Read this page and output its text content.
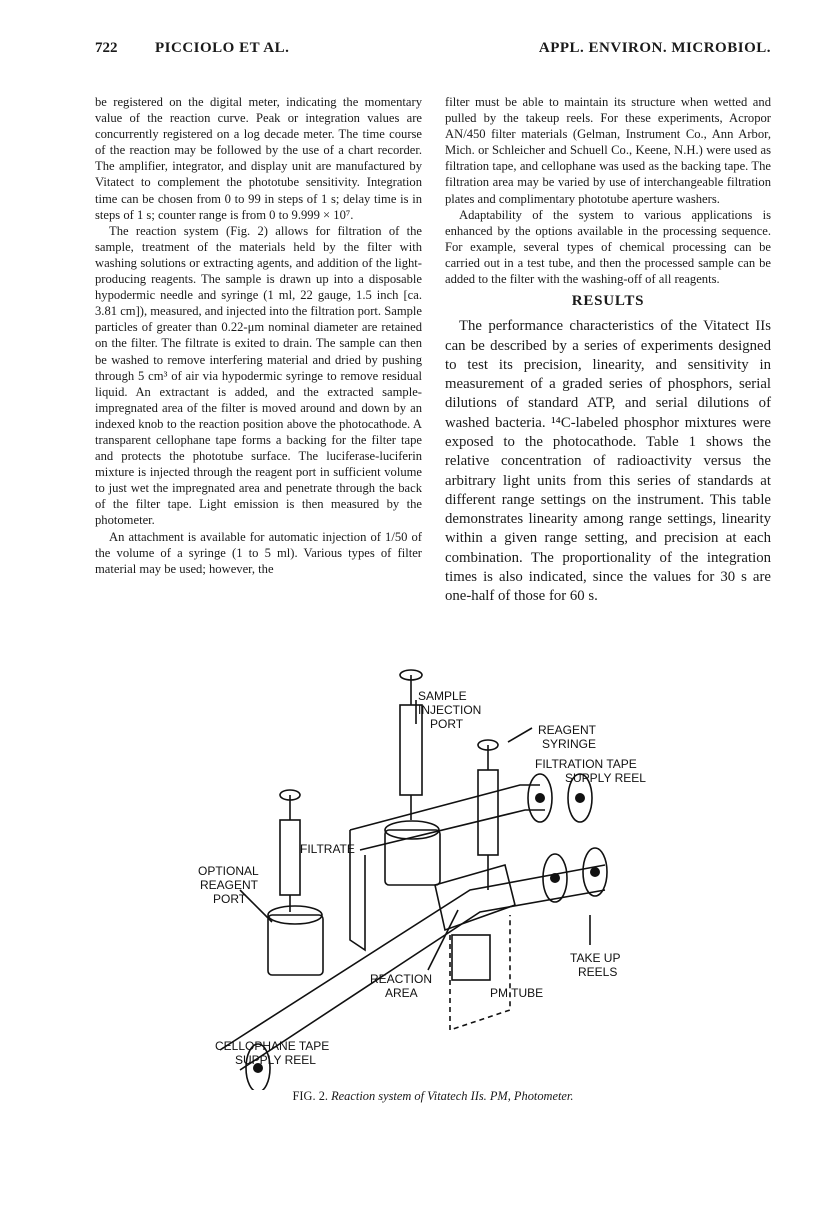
722	PICCIOLO ET AL.	APPL. ENVIRON. MICROBIOL.

be registered on the digital meter, indicating the momentary value of the reaction curve. Peak or integration values are concurrently registered on a log decade meter. The time course of the reaction may be followed by the use of a chart recorder. The amplifier, integrator, and display unit are manufactured by Vitatect to complement the phototube sensitivity. Integration time can be chosen from 0 to 99 in steps of 1 s; delay time is in steps of 1 s; counter range is from 0 to 9.999 × 10⁷.

The reaction system (Fig. 2) allows for filtration of the sample, treatment of the materials held by the filter with washing solutions or extracting agents, and addition of the light-producing reagents. The sample is drawn up into a disposable hypodermic needle and syringe (1 ml, 22 gauge, 1.5 inch [ca. 3.81 cm]), measured, and injected into the filtration port. Sample particles of greater than 0.22-μm nominal diameter are retained on the filter. The filtrate is exited to drain. The sample can then be washed to remove interfering material and dried by pushing through 5 cm³ of air via hypodermic syringe to remove residual liquid. An extractant is added, and the extracted sample-impregnated area of the filter is moved around and down by an indexed knob to the reaction position above the photocathode. A transparent cellophane tape forms a backing for the filter tape and protects the phototube surface. The luciferase-luciferin mixture is injected through the reagent port in sufficient volume to just wet the impregnated area and penetrate through the back of the filter tape. Light emission is then measured by the photometer.

An attachment is available for automatic injection of 1/50 of the volume of a syringe (1 to 5 ml). Various types of filter material may be used; however, the

filter must be able to maintain its structure when wetted and pulled by the takeup reels. For these experiments, Acropor AN/450 filter materials (Gelman, Instrument Co., Ann Arbor, Mich. or Schleicher and Schuell Co., Keene, N.H.) were used as filtration tape, and cellophane was used as the backing tape. The filtration area may be varied by use of interchangeable filtration plates and complimentary phototube aperture washers.

Adaptability of the system to various applications is enhanced by the options available in the processing sequence. For example, several types of chemical processing can be carried out in a test tube, and then the processed sample can be added to the filter with the washing-off of all reagents.

RESULTS

The performance characteristics of the Vitatect IIs can be described by a series of experiments designed to test its precision, linearity, and sensitivity in measurement of a graded series of phosphors, serial dilutions of standard ATP, and serial dilutions of washed bacteria. ¹⁴C-labeled phosphor mixtures were exposed to the photocathode. Table 1 shows the relative concentration of radioactivity versus the arbitrary light units from this series of standards at different range settings on the instrument. This table demonstrates linearity among range settings, linearity within a given range setting, and precision at each combination. The proportionality of the integration times is also indicated, since the values for 30 s are one-half of those for 60 s.

SAMPLE
INJECTION
PORT	REAGENT
SYRINGE
FILTRATION TAPE
SUPPLY REEL
FILTRATE
OPTIONAL
REAGENT
PORT
TAKE UP
REELS
REACTION
AREA	PM TUBE
CELLOPHANE TAPE
SUPPLY REEL
FIG. 2. Reaction system of Vitatech IIs. PM, Photometer.
